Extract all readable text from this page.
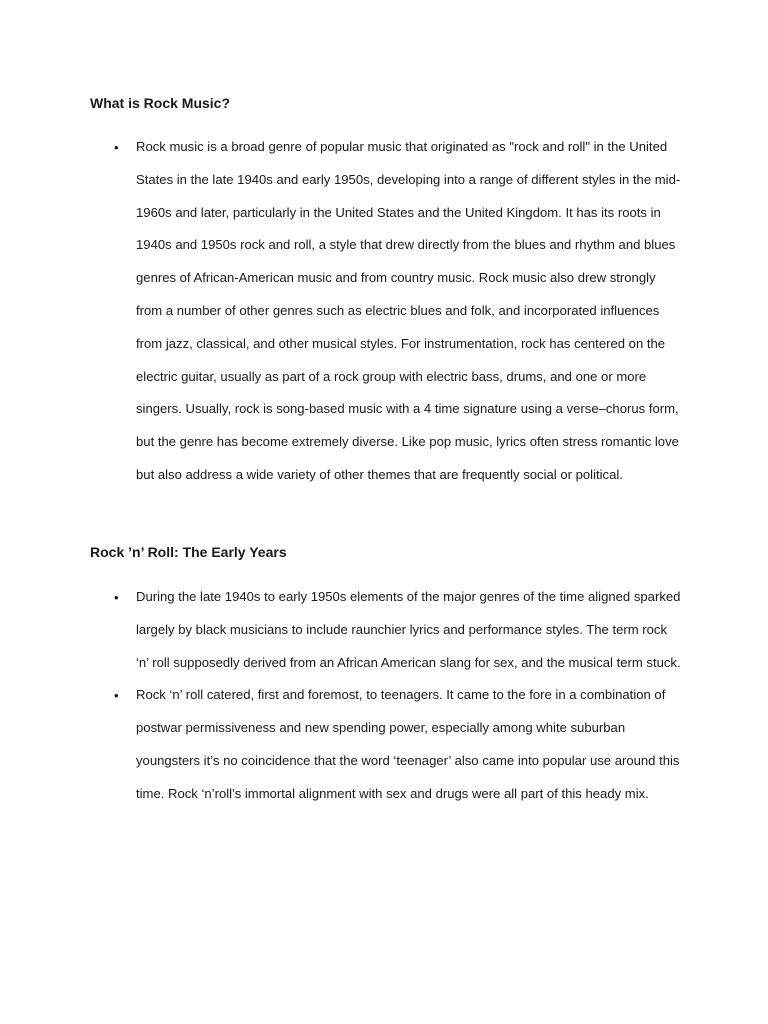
What is Rock Music?
• Rock music is a broad genre of popular music that originated as "rock and roll" in the United States in the late 1940s and early 1950s, developing into a range of different styles in the mid-1960s and later, particularly in the United States and the United Kingdom. It has its roots in 1940s and 1950s rock and roll, a style that drew directly from the blues and rhythm and blues genres of African-American music and from country music. Rock music also drew strongly from a number of other genres such as electric blues and folk, and incorporated influences from jazz, classical, and other musical styles. For instrumentation, rock has centered on the electric guitar, usually as part of a rock group with electric bass, drums, and one or more singers. Usually, rock is song-based music with a 4 time signature using a verse–chorus form, but the genre has become extremely diverse. Like pop music, lyrics often stress romantic love but also address a wide variety of other themes that are frequently social or political.

Rock ’n’ Roll: The Early Years
• During the late 1940s to early 1950s elements of the major genres of the time aligned sparked largely by black musicians to include raunchier lyrics and performance styles. The term rock ‘n’ roll supposedly derived from an African American slang for sex, and the musical term stuck.

• Rock ‘n’ roll catered, first and foremost, to teenagers. It came to the fore in a combination of postwar permissiveness and new spending power, especially among white suburban youngsters it’s no coincidence that the word ‘teenager’ also came into popular use around this time. Rock ‘n’roll’s immortal alignment with sex and drugs were all part of this heady mix.
